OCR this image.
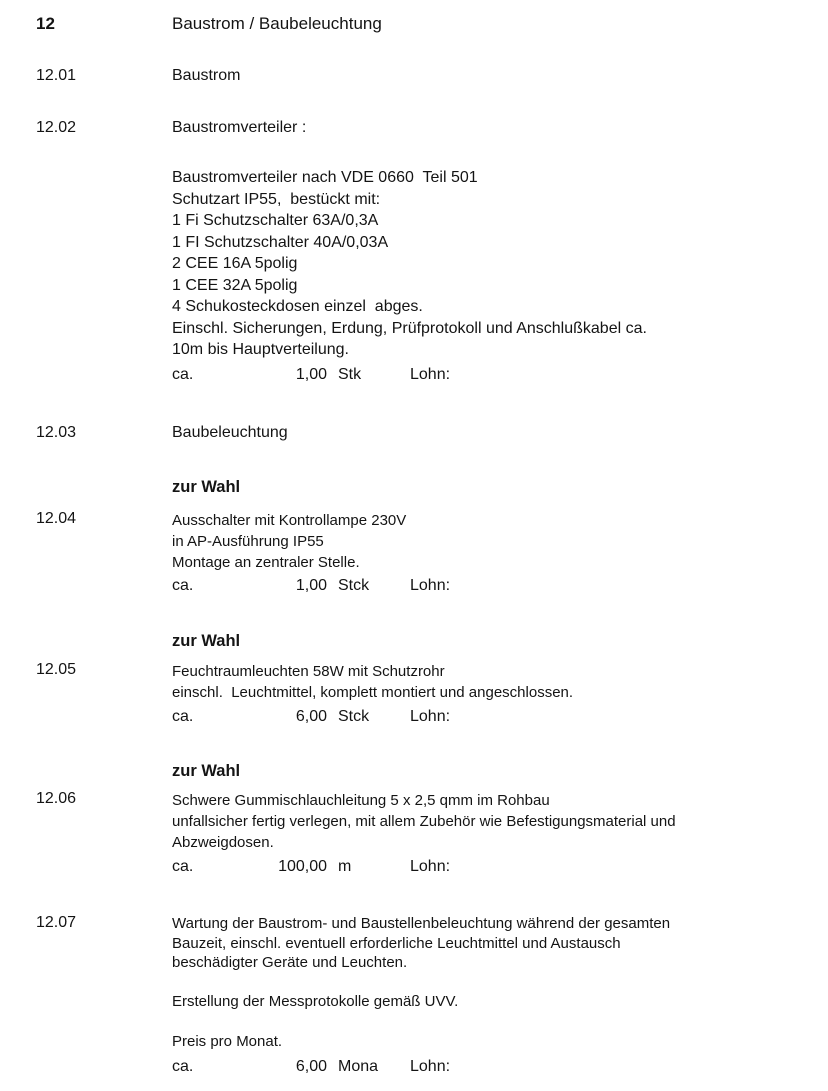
12	Baustrom / Baubeleuchtung
12.01	Baustrom
12.02	Baustromverteiler :
Baustromverteiler nach VDE 0660  Teil 501
Schutzart IP55,  bestückt mit:
1 Fi Schutzschalter 63A/0,3A
1 FI Schutzschalter 40A/0,03A
2 CEE 16A 5polig
1 CEE 32A 5polig
4 Schukosteckdosen einzel  abges.
Einschl. Sicherungen, Erdung, Prüfprotokoll und Anschlußkabel ca.
10m bis Hauptverteilung.
ca.	1,00 Stk	Lohn:
12.03	Baubeleuchtung
zur Wahl
12.04	Ausschalter mit Kontrollampe 230V
in AP-Ausführung IP55
Montage an zentraler Stelle.
ca.	1,00 Stck	Lohn:
zur Wahl
12.05	Feuchtraumleuchten 58W mit Schutzrohr
einschl.  Leuchtmittel, komplett montiert und angeschlossen.
ca.	6,00 Stck	Lohn:
zur Wahl
12.06	Schwere Gummischlauchleitung 5 x 2,5 qmm im Rohbau
unfallsicher fertig verlegen, mit allem Zubehör wie Befestigungsmaterial und
Abzweigdosen.
ca.	100,00 m	Lohn:
12.07	Wartung der Baustrom- und Baustellenbeleuchtung während der gesamten
Bauzeit, einschl. eventuell erforderliche Leuchtmittel und Austausch
beschädigter Geräte und Leuchten.
Erstellung der Messprotokolle gemäß UVV.
Preis pro Monat.
ca.	6,00 Mona	Lohn:
